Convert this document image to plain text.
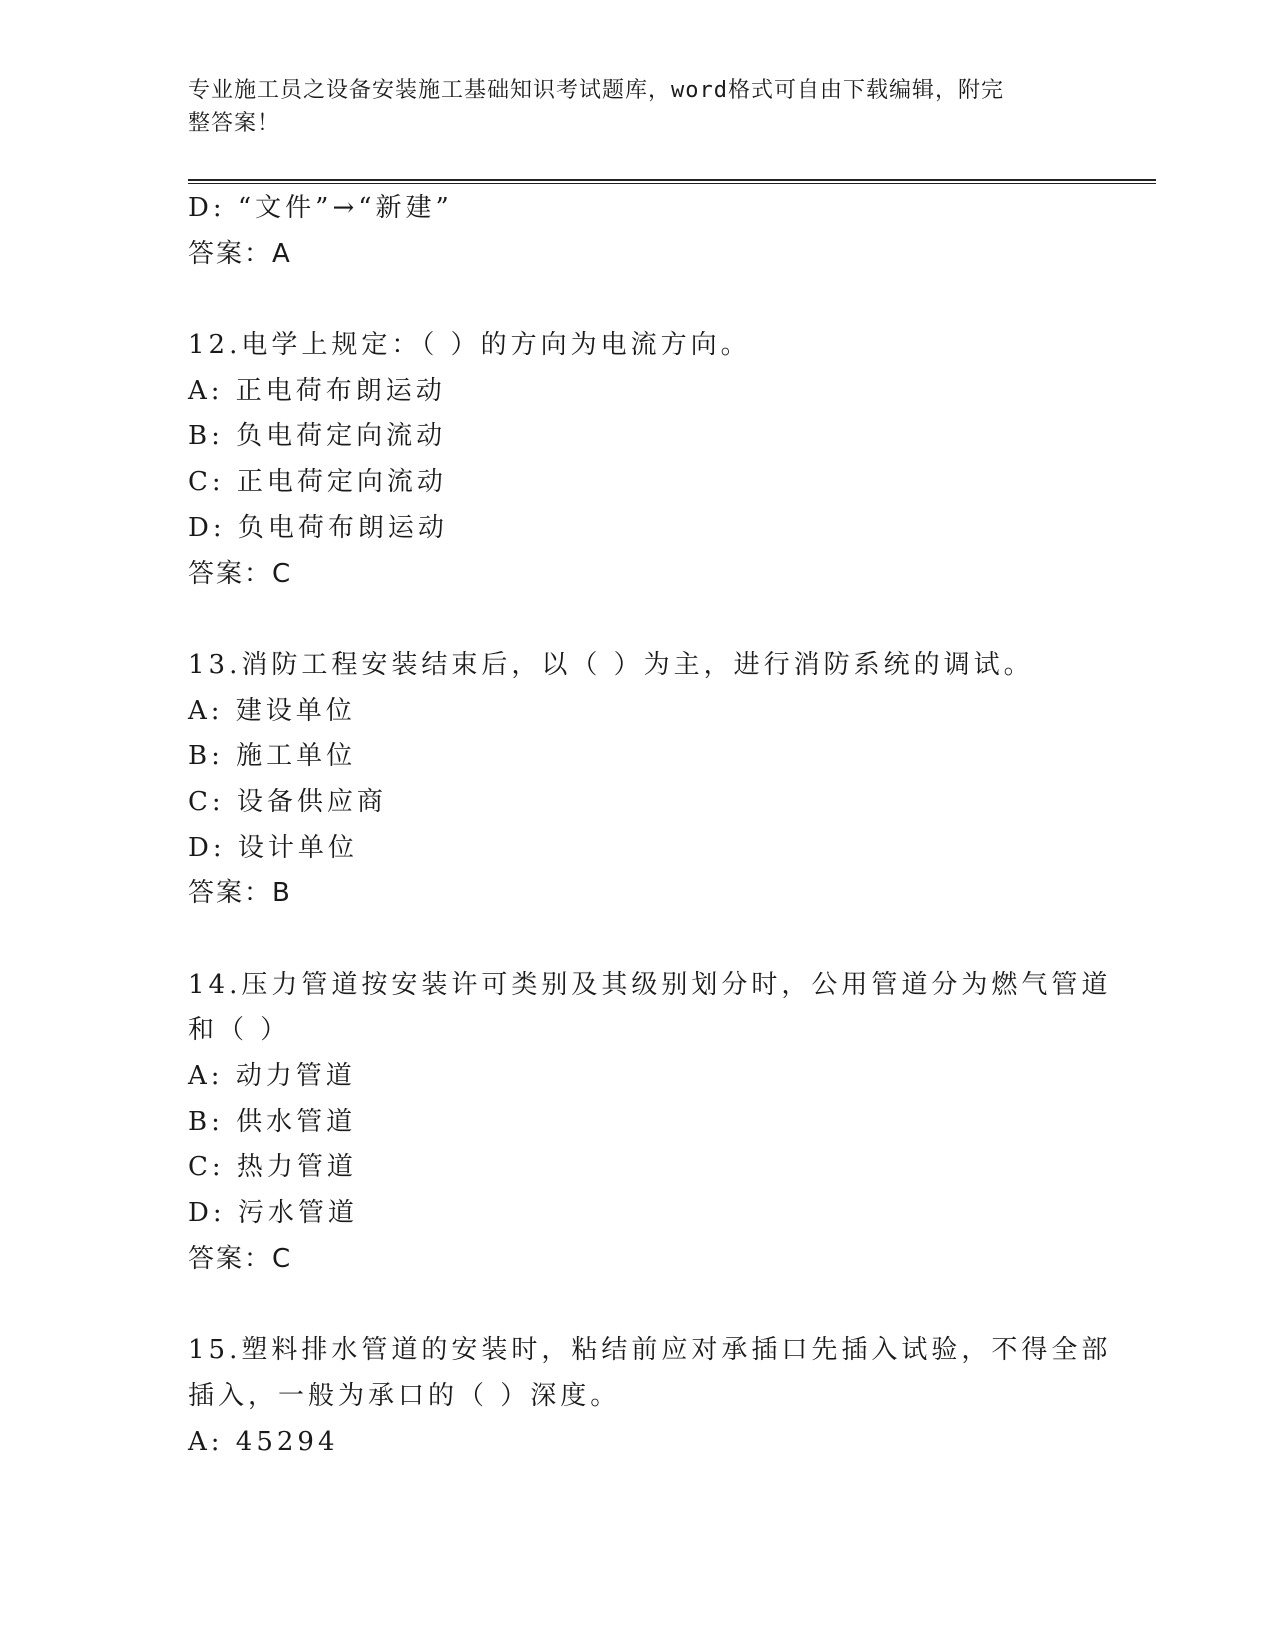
专业施工员之设备安装施工基础知识考试题库，word格式可自由下载编辑，附完
整答案！
D: “文件”→“新建”
答案：A
12.电学上规定：（ ）的方向为电流方向。
A: 正电荷布朗运动
B: 负电荷定向流动
C: 正电荷定向流动
D: 负电荷布朗运动
答案：C
13.消防工程安装结束后，以（ ）为主，进行消防系统的调试。
A: 建设单位
B: 施工单位
C: 设备供应商
D: 设计单位
答案：B
14.压力管道按安装许可类别及其级别划分时，公用管道分为燃气管道
和（ ）
A: 动力管道
B: 供水管道
C: 热力管道
D: 污水管道
答案：C
15.塑料排水管道的安装时，粘结前应对承插口先插入试验，不得全部
插入，一般为承口的（ ）深度。
A: 45294
